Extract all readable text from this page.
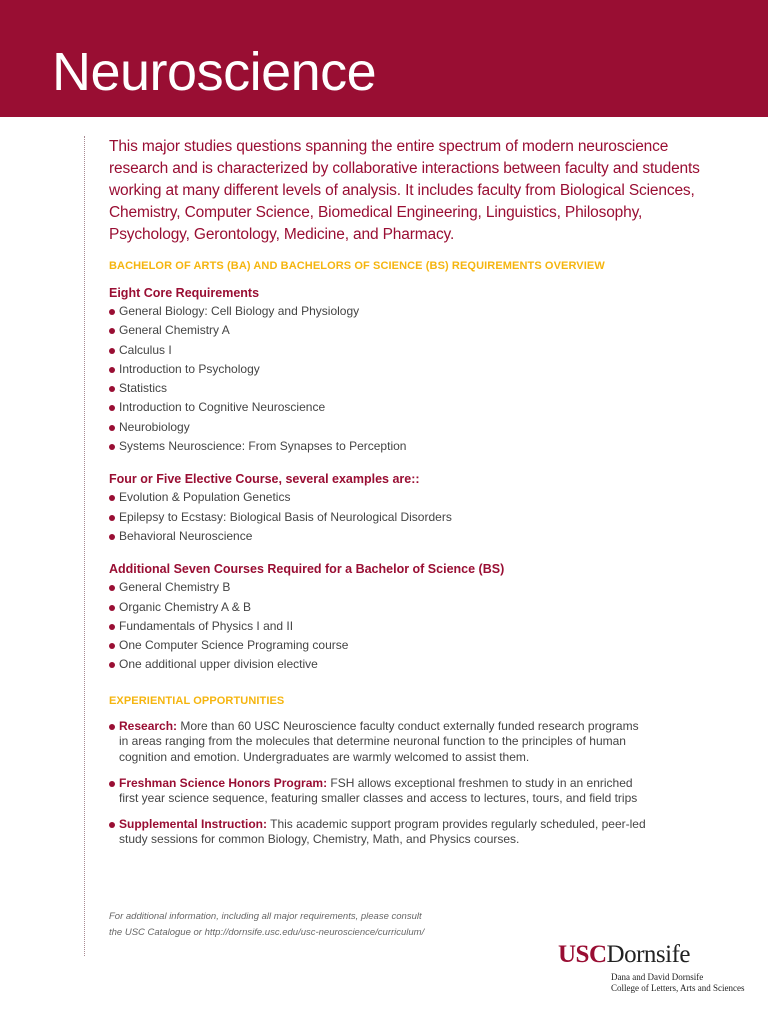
Neuroscience

This major studies questions spanning the entire spectrum of modern neuroscience research and is characterized by collaborative interactions between faculty and students working at many different levels of analysis. It includes faculty from Biological Sciences, Chemistry, Computer Science, Biomedical Engineering, Linguistics, Philosophy, Psychology, Gerontology, Medicine, and Pharmacy.

BACHELOR OF ARTS (BA) AND BACHELORS OF SCIENCE (BS) REQUIREMENTS OVERVIEW
Eight Core Requirements
General Biology: Cell Biology and Physiology
General Chemistry A
Calculus I
Introduction to Psychology
Statistics
Introduction to Cognitive Neuroscience
Neurobiology
Systems Neuroscience: From Synapses to Perception
Four or Five Elective Course, several examples are::
Evolution & Population Genetics
Epilepsy to Ecstasy: Biological Basis of Neurological Disorders
Behavioral Neuroscience
Additional Seven Courses Required for a Bachelor of Science (BS)
General Chemistry B
Organic Chemistry A & B
Fundamentals of Physics I and II
One Computer Science Programing course
One additional upper division elective
EXPERIENTIAL OPPORTUNITIES
Research: More than 60 USC Neuroscience faculty conduct externally funded research programs in areas ranging from the molecules that determine neuronal function to the principles of human cognition and emotion. Undergraduates are warmly welcomed to assist them.
Freshman Science Honors Program: FSH allows exceptional freshmen to study in an enriched first year science sequence, featuring smaller classes and access to lectures, tours, and field trips
Supplemental Instruction: This academic support program provides regularly scheduled, peer-led study sessions for common Biology, Chemistry, Math, and Physics courses.
For additional information, including all major requirements, please consult
the USC Catalogue or http://dornsife.usc.edu/usc-neuroscience/curriculum/
USCDornsife
Dana and David Dornsife
College of Letters, Arts and Sciences
